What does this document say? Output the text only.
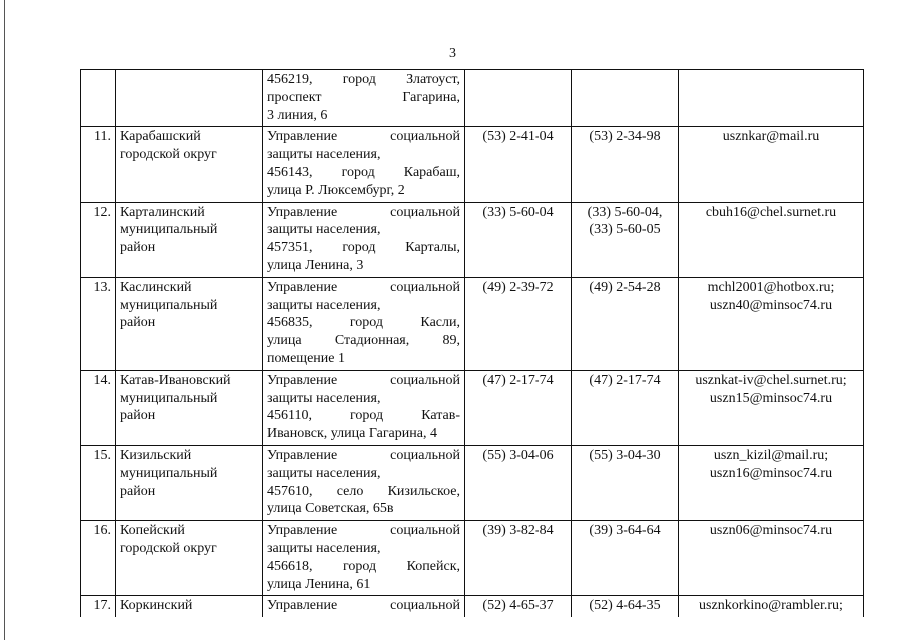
3

		456219, город Златоуст,
проспект Гагарина,
3 линия, 6			

11.	Карабашский
городской округ	Управление социальной
защиты населения,
456143, город Карабаш,
улица Р. Люксембург, 2	(53) 2-41-04	(53) 2-34-98	usznkar@mail.ru

12.	Карталинский
муниципальный
район	Управление социальной
защиты населения,
457351, город Карталы,
улица Ленина, 3	(33) 5-60-04	(33) 5-60-04,
(33) 5-60-05	cbuh16@chel.surnet.ru

13.	Каслинский
муниципальный
район	Управление социальной
защиты населения,
456835, город Касли,
улица Стадионная, 89,
помещение 1	(49) 2-39-72	(49) 2-54-28	mchl2001@hotbox.ru;
uszn40@minsoc74.ru

14.	Катав-Ивановский
муниципальный
район	Управление социальной
защиты населения,
456110, город Катав-
Ивановск, улица Гагарина, 4	(47) 2-17-74	(47) 2-17-74	usznkat-iv@chel.surnet.ru;
uszn15@minsoc74.ru

15.	Кизильский
муниципальный
район	Управление социальной
защиты населения,
457610, село Кизильское,
улица Советская, 65в	(55) 3-04-06	(55) 3-04-30	uszn_kizil@mail.ru;
uszn16@minsoc74.ru

16.	Копейский
городской округ	Управление социальной
защиты населения,
456618, город Копейск,
улица Ленина, 61	(39) 3-82-84	(39) 3-64-64	uszn06@minsoc74.ru

17.	Коркинский	Управление социальной	(52) 4-65-37	(52) 4-64-35	usznkorkino@rambler.ru;
